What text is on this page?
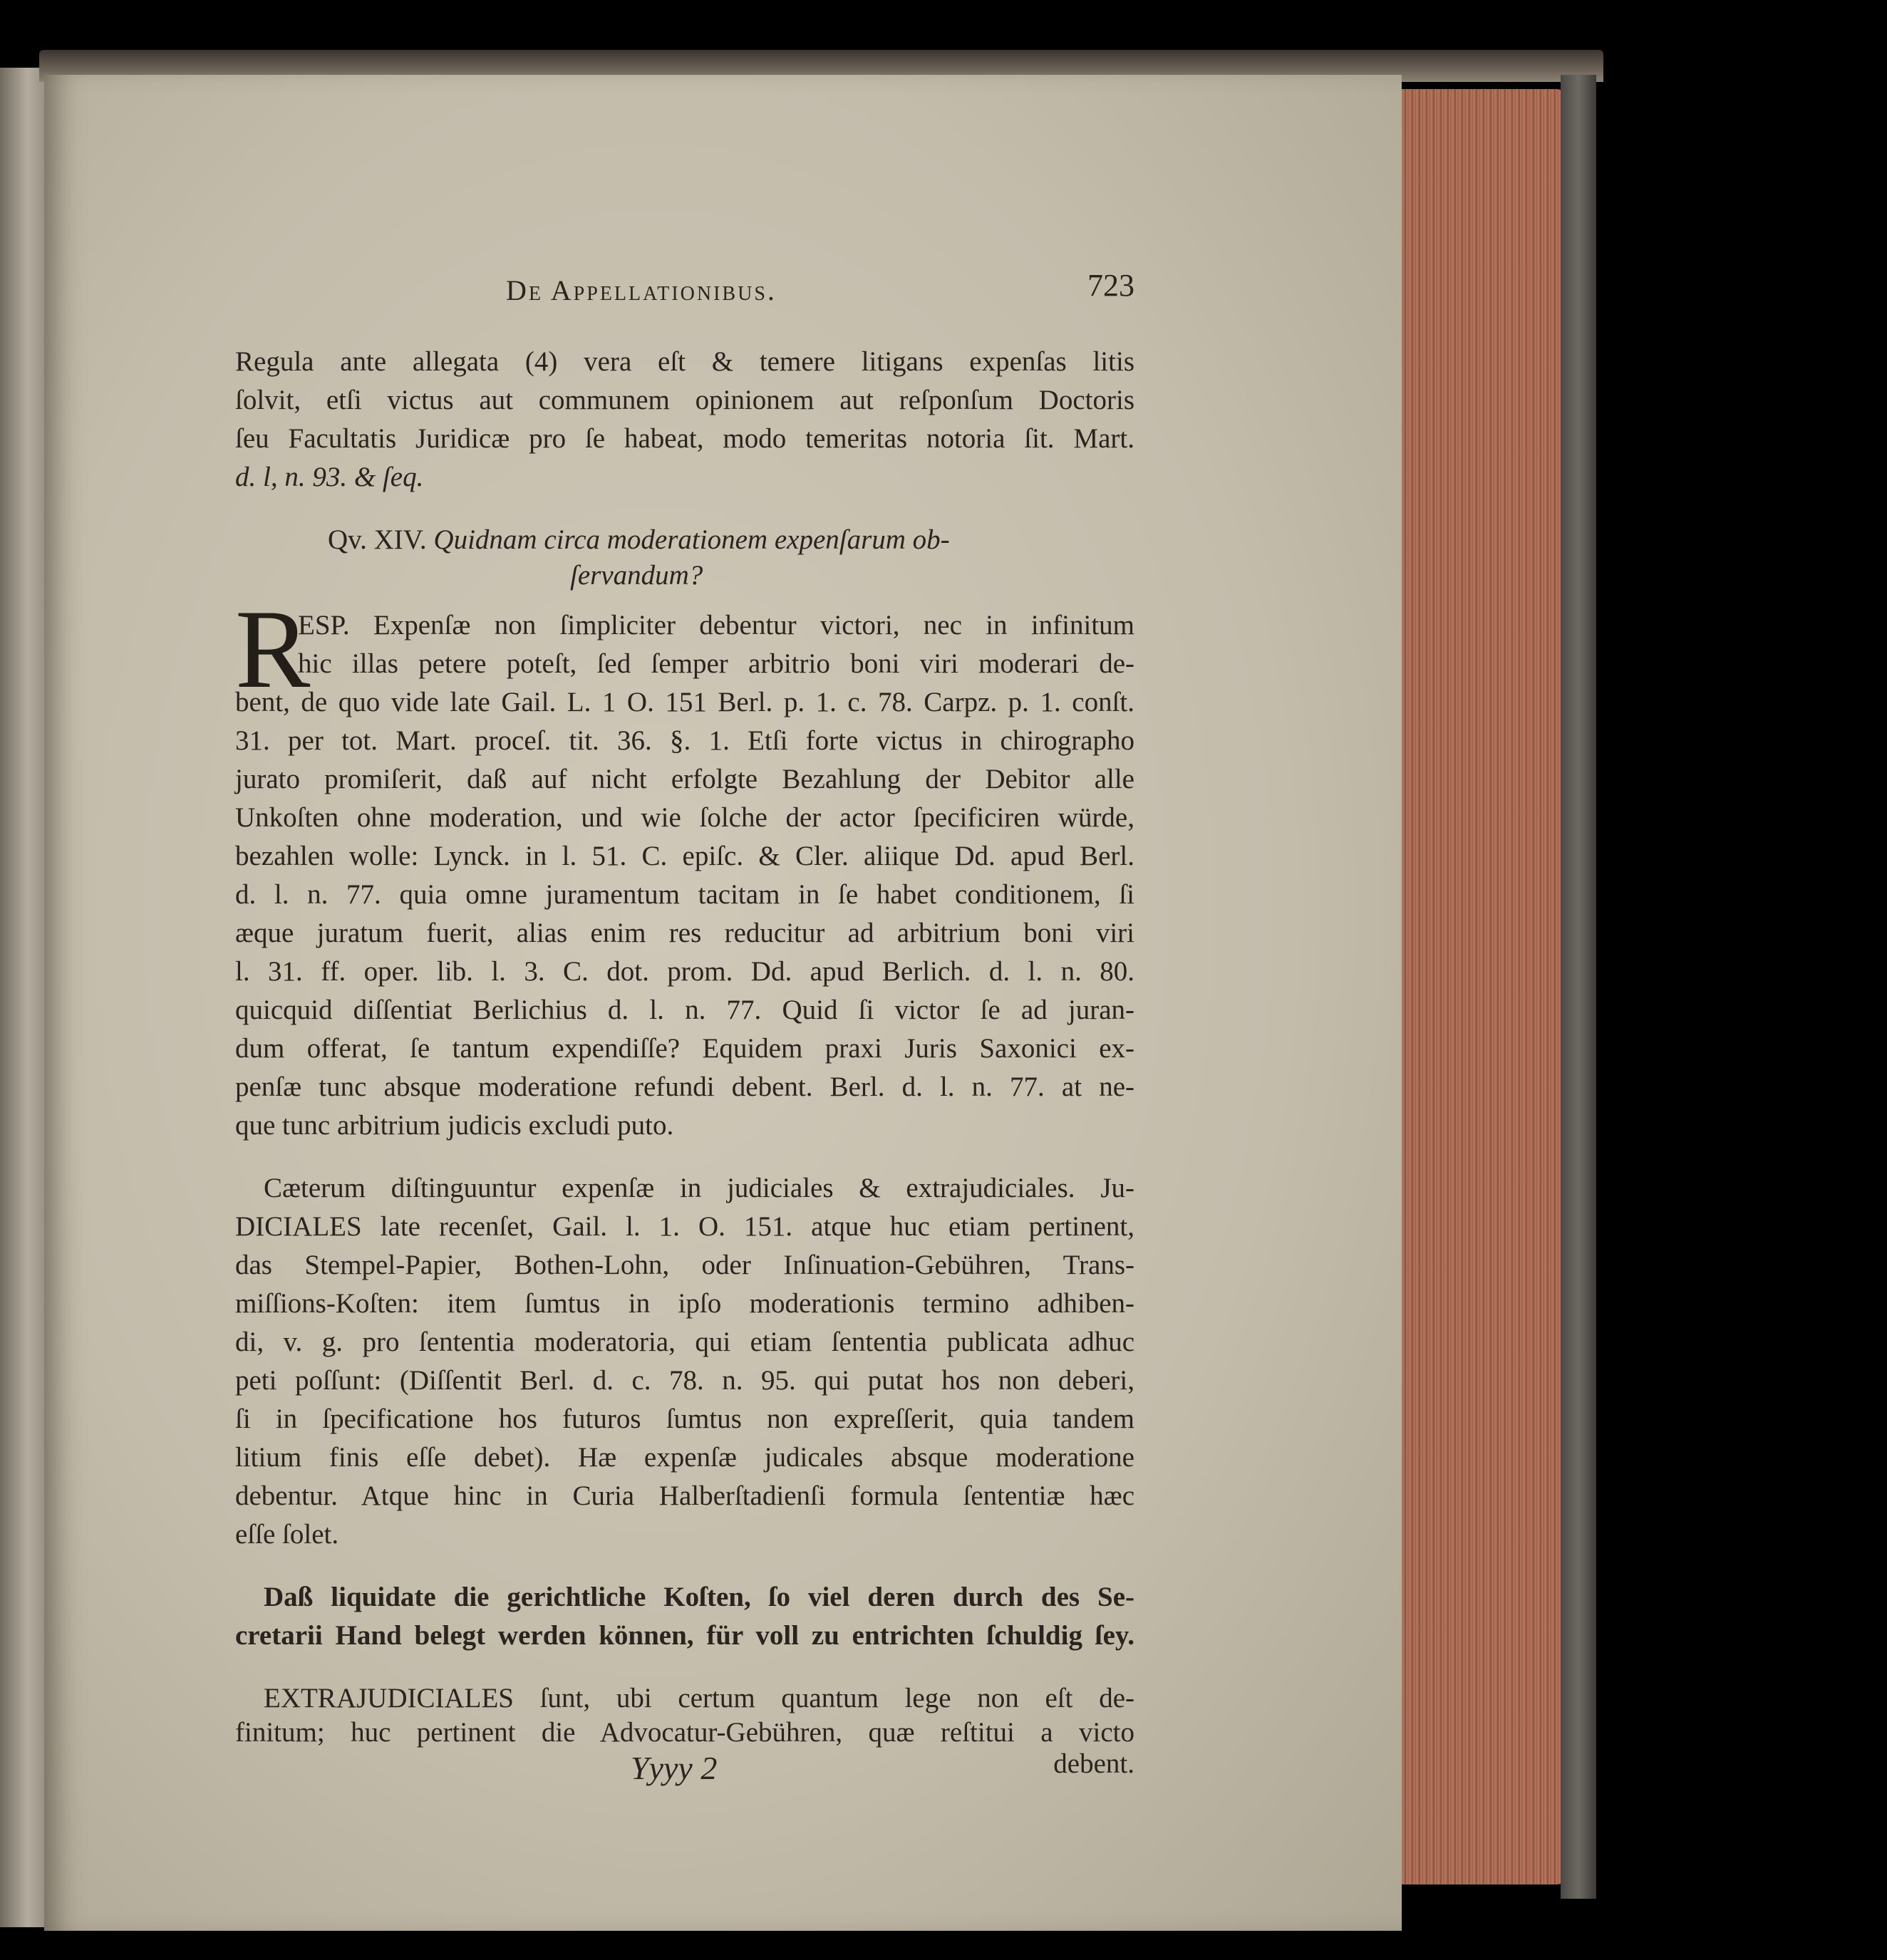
De Appellationibus.	723
Regula ante allegata (4) vera eſt & temere litigans expenſas litis
ſolvit, etſi victus aut communem opinionem aut reſponſum Doctoris
ſeu Facultatis Juridicæ pro ſe habeat, modo temeritas notoria ſit. Mart.
d. l, n. 93. & ſeq.
Qv. XIV. Quidnam circa moderationem expenſarum ob-
ſervandum?
R
ESP. Expenſæ non ſimpliciter debentur victori, nec in infinitum
hic illas petere poteſt, ſed ſemper arbitrio boni viri moderari de-
bent, de quo vide late Gail. L. 1 O. 151 Berl. p. 1. c. 78. Carpz. p. 1. conſt.
31. per tot. Mart. proceſ. tit. 36. §. 1. Etſi forte victus in chirographo
jurato promiſerit, daß auf nicht erfolgte Bezahlung der Debitor alle
Unkoſten ohne moderation, und wie ſolche der actor ſpecificiren würde,
bezahlen wolle: Lynck. in l. 51. C. epiſc. & Cler. aliique Dd. apud Berl.
d. l. n. 77. quia omne juramentum tacitam in ſe habet conditionem, ſi
æque juratum fuerit, alias enim res reducitur ad arbitrium boni viri
l. 31. ff. oper. lib. l. 3. C. dot. prom. Dd. apud Berlich. d. l. n. 80.
quicquid diſſentiat Berlichius d. l. n. 77. Quid ſi victor ſe ad juran-
dum offerat, ſe tantum expendiſſe? Equidem praxi Juris Saxonici ex-
penſæ tunc absque moderatione refundi debent. Berl. d. l. n. 77. at ne-
que tunc arbitrium judicis excludi puto.
Cæterum diſtinguuntur expenſæ in judiciales & extrajudiciales. Ju-
DICIALES late recenſet, Gail. l. 1. O. 151. atque huc etiam pertinent,
das Stempel-Papier, Bothen-Lohn, oder Inſinuation-Gebühren, Trans-
miſſions-Koſten: item ſumtus in ipſo moderationis termino adhiben-
di, v. g. pro ſententia moderatoria, qui etiam ſententia publicata adhuc
peti poſſunt: (Diſſentit Berl. d. c. 78. n. 95. qui putat hos non deberi,
ſi in ſpecificatione hos futuros ſumtus non expreſſerit, quia tandem
litium finis eſſe debet). Hæ expenſæ judicales absque moderatione
debentur. Atque hinc in Curia Halberſtadienſi formula ſententiæ hæc
eſſe ſolet.
Daß liquidate die gerichtliche Koſten, ſo viel deren durch des Se-
cretarii Hand belegt werden können, für voll zu entrichten ſchuldig ſey.
EXTRAJUDICIALES ſunt, ubi certum quantum lege non eſt de-
finitum; huc pertinent die Advocatur-Gebühren, quæ reſtitui a victo
Yyyy 2	debent.
